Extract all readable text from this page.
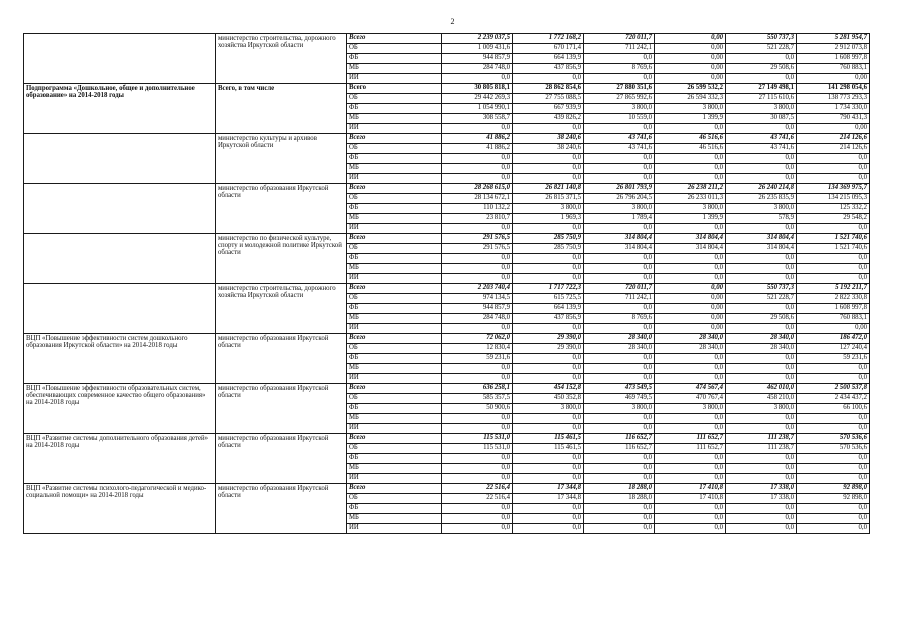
2
	министерство строительства, дорожного хозяйства Иркутской области	Всего	2 239 037,5	1 772 168,2	720 011,7	0,00	550 737,3	5 281 954,7
		ОБ	1 009 431,6	670 171,4	711 242,1	0,00	521 228,7	2 912 073,8
		ФБ	944 857,9	664 139,9	0,0	0,00	0,0	1 608 997,8
		МБ	284 748,0	437 856,9	8 769,6	0,00	29 508,6	760 883,1
		ИИ	0,0	0,0	0,0	0,00	0,0	0,00
Подпрограмма «Дошкольное, общее и дополнительное образование» на 2014-2018 годы	Всего, в том числе	Всего	30 805 818,1	28 862 854,6	27 880 351,6	26 599 532,2	27 149 498,1	141 298 054,6
		ОБ	29 442 269,3	27 755 088,5	27 865 992,6	26 594 332,3	27 115 610,6	138 773 293,3
		ФБ	1 054 990,1	667 939,9	3 800,0	3 800,0	3 800,0	1 734 330,0
		МБ	308 558,7	439 826,2	10 559,0	1 399,9	30 087,5	790 431,3
		ИИ	0,0	0,0	0,0	0,0	0,0	0,00
	министерство культуры и архивов Иркутской области	Всего	41 886,2	38 240,6	43 741,6	46 516,6	43 741,6	214 126,6
		ОБ	41 886,2	38 240,6	43 741,6	46 516,6	43 741,6	214 126,6
		ФБ	0,0	0,0	0,0	0,0	0,0	0,0
		МБ	0,0	0,0	0,0	0,0	0,0	0,0
		ИИ	0,0	0,0	0,0	0,0	0,0	0,0
	министерство образования Иркутской области	Всего	28 268 615,0	26 821 140,8	26 801 793,9	26 238 211,2	26 240 214,8	134 369 975,7
		ОБ	28 134 672,1	26 815 371,5	26 796 204,5	26 233 011,3	26 235 835,9	134 215 095,3
		ФБ	110 132,2	3 800,0	3 800,0	3 800,0	3 800,0	125 332,2
		МБ	23 810,7	1 969,3	1 789,4	1 399,9	578,9	29 548,2
		ИИ	0,0	0,0	0,0	0,0	0,0	0,0
	министерство по физической культуре, спорту и молодежной политике Иркутской области	Всего	291 576,5	285 750,9	314 804,4	314 804,4	314 804,4	1 521 740,6
		ОБ	291 576,5	285 750,9	314 804,4	314 804,4	314 804,4	1 521 740,6
		ФБ	0,0	0,0	0,0	0,0	0,0	0,0
		МБ	0,0	0,0	0,0	0,0	0,0	0,0
		ИИ	0,0	0,0	0,0	0,0	0,0	0,0
	министерство строительства, дорожного хозяйства Иркутской области	Всего	2 203 740,4	1 717 722,3	720 011,7	0,00	550 737,3	5 192 211,7
		ОБ	974 134,5	615 725,5	711 242,1	0,00	521 228,7	2 822 330,8
		ФБ	944 857,9	664 139,9	0,0	0,00	0,0	1 608 997,8
		МБ	284 748,0	437 856,9	8 769,6	0,00	29 508,6	760 883,1
		ИИ	0,0	0,0	0,0	0,00	0,0	0,00
ВЦП «Повышение эффективности систем дошкольного образования Иркутской области» на 2014-2018 годы	министерство образования Иркутской области	Всего	72 062,0	29 390,0	28 340,0	28 340,0	28 340,0	186 472,0
		ОБ	12 830,4	29 390,0	28 340,0	28 340,0	28 340,0	127 240,4
		ФБ	59 231,6	0,0	0,0	0,0	0,0	59 231,6
		МБ	0,0	0,0	0,0	0,0	0,0	0,0
		ИИ	0,0	0,0	0,0	0,0	0,0	0,0
ВЦП «Повышение эффективности образовательных систем, обеспечивающих современное качество общего образования» на 2014-2018 годы	министерство образования Иркутской области	Всего	636 258,1	454 152,8	473 549,5	474 567,4	462 010,0	2 500 537,8
		ОБ	585 357,5	450 352,8	469 749,5	470 767,4	458 210,0	2 434 437,2
		ФБ	50 900,6	3 800,0	3 800,0	3 800,0	3 800,0	66 100,6
		МБ	0,0	0,0	0,0	0,0	0,0	0,0
		ИИ	0,0	0,0	0,0	0,0	0,0	0,0
ВЦП «Развитие системы дополнительного образования детей» на 2014-2018 годы	министерство образования Иркутской области	Всего	115 531,0	115 461,5	116 652,7	111 652,7	111 238,7	570 536,6
		ОБ	115 531,0	115 461,5	116 652,7	111 652,7	111 238,7	570 536,6
		ФБ	0,0	0,0	0,0	0,0	0,0	0,0
		МБ	0,0	0,0	0,0	0,0	0,0	0,0
		ИИ	0,0	0,0	0,0	0,0	0,0	0,0
ВЦП «Развитие системы психолого-педагогической и медико-социальной помощи» на 2014-2018 годы	министерство образования Иркутской области	Всего	22 516,4	17 344,8	18 288,0	17 410,8	17 338,0	92 898,0
		ОБ	22 516,4	17 344,8	18 288,0	17 410,8	17 338,0	92 898,0
		ФБ	0,0	0,0	0,0	0,0	0,0	0,0
		МБ	0,0	0,0	0,0	0,0	0,0	0,0
		ИИ	0,0	0,0	0,0	0,0	0,0	0,0
